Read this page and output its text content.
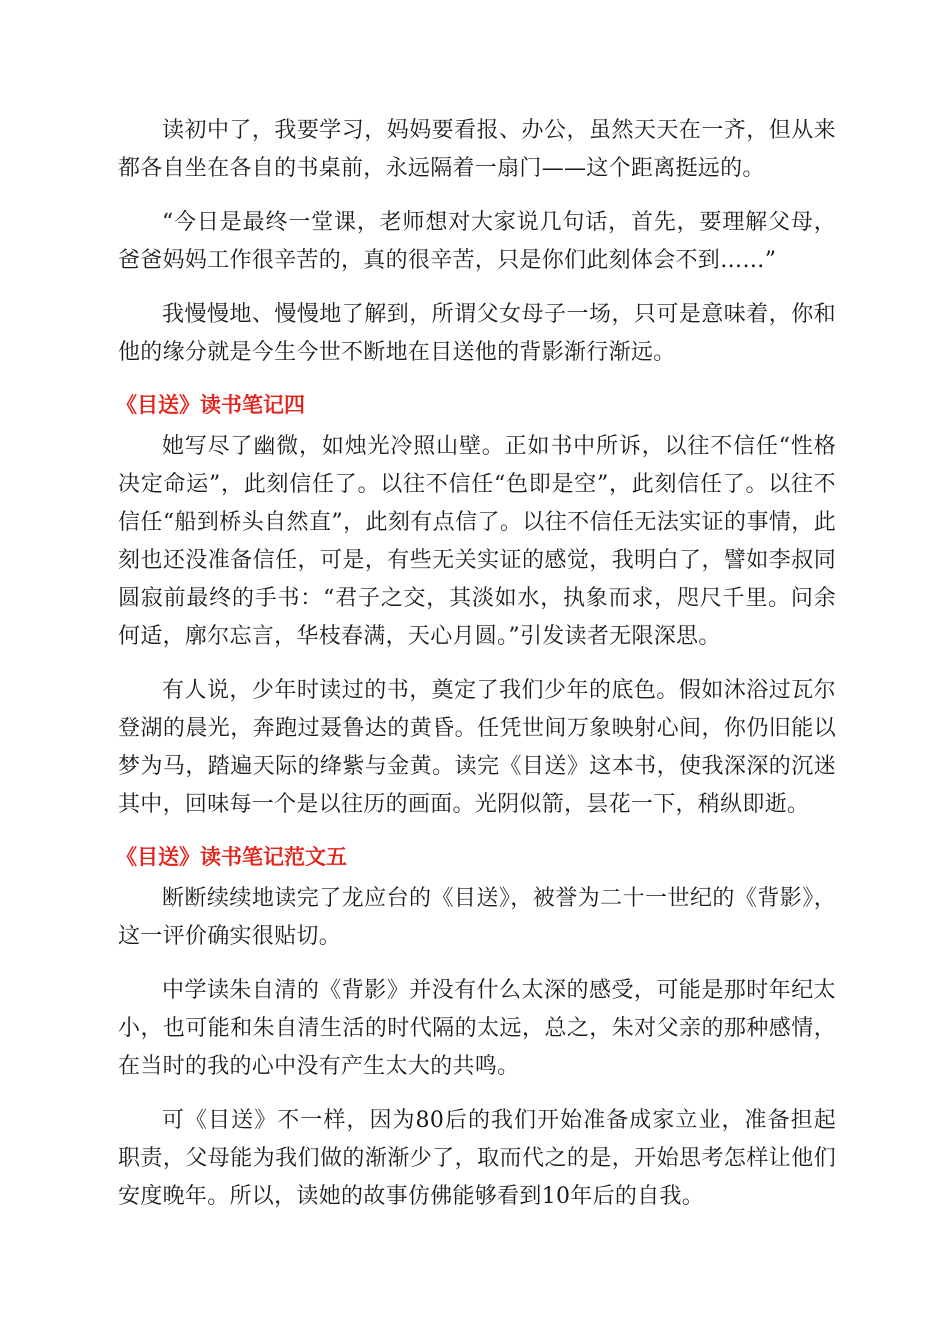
读初中了，我要学习，妈妈要看报、办公，虽然天天在一齐，但从来都各自坐在各自的书桌前，永远隔着一扇门——这个距离挺远的。

“今日是最终一堂课，老师想对大家说几句话，首先，要理解父母，爸爸妈妈工作很辛苦的，真的很辛苦，只是你们此刻体会不到……”

我慢慢地、慢慢地了解到，所谓父女母子一场，只可是意味着，你和他的缘分就是今生今世不断地在目送他的背影渐行渐远。

《目送》读书笔记四

她写尽了幽微，如烛光冷照山壁。正如书中所诉，以往不信任“性格决定命运”，此刻信任了。以往不信任“色即是空”，此刻信任了。以往不信任“船到桥头自然直”，此刻有点信了。以往不信任无法实证的事情，此刻也还没准备信任，可是，有些无关实证的感觉，我明白了，譬如李叔同圆寂前最终的手书：“君子之交，其淡如水，执象而求，咫尺千里。问余何适，廓尔忘言，华枝春满，天心月圆。”引发读者无限深思。

有人说，少年时读过的书，奠定了我们少年的底色。假如沐浴过瓦尔登湖的晨光，奔跑过聂鲁达的黄昏。任凭世间万象映射心间，你仍旧能以梦为马，踏遍天际的绛紫与金黄。读完《目送》这本书，使我深深的沉迷其中，回味每一个是以往历的画面。光阴似箭，昙花一下，稍纵即逝。

《目送》读书笔记范文五

断断续续地读完了龙应台的《目送》，被誉为二十一世纪的《背影》，这一评价确实很贴切。

中学读朱自清的《背影》并没有什么太深的感受，可能是那时年纪太小，也可能和朱自清生活的时代隔的太远，总之，朱对父亲的那种感情，在当时的我的心中没有产生太大的共鸣。

可《目送》不一样，因为80后的我们开始准备成家立业，准备担起职责，父母能为我们做的渐渐少了，取而代之的是，开始思考怎样让他们安度晚年。所以，读她的故事仿佛能够看到10年后的自我。
